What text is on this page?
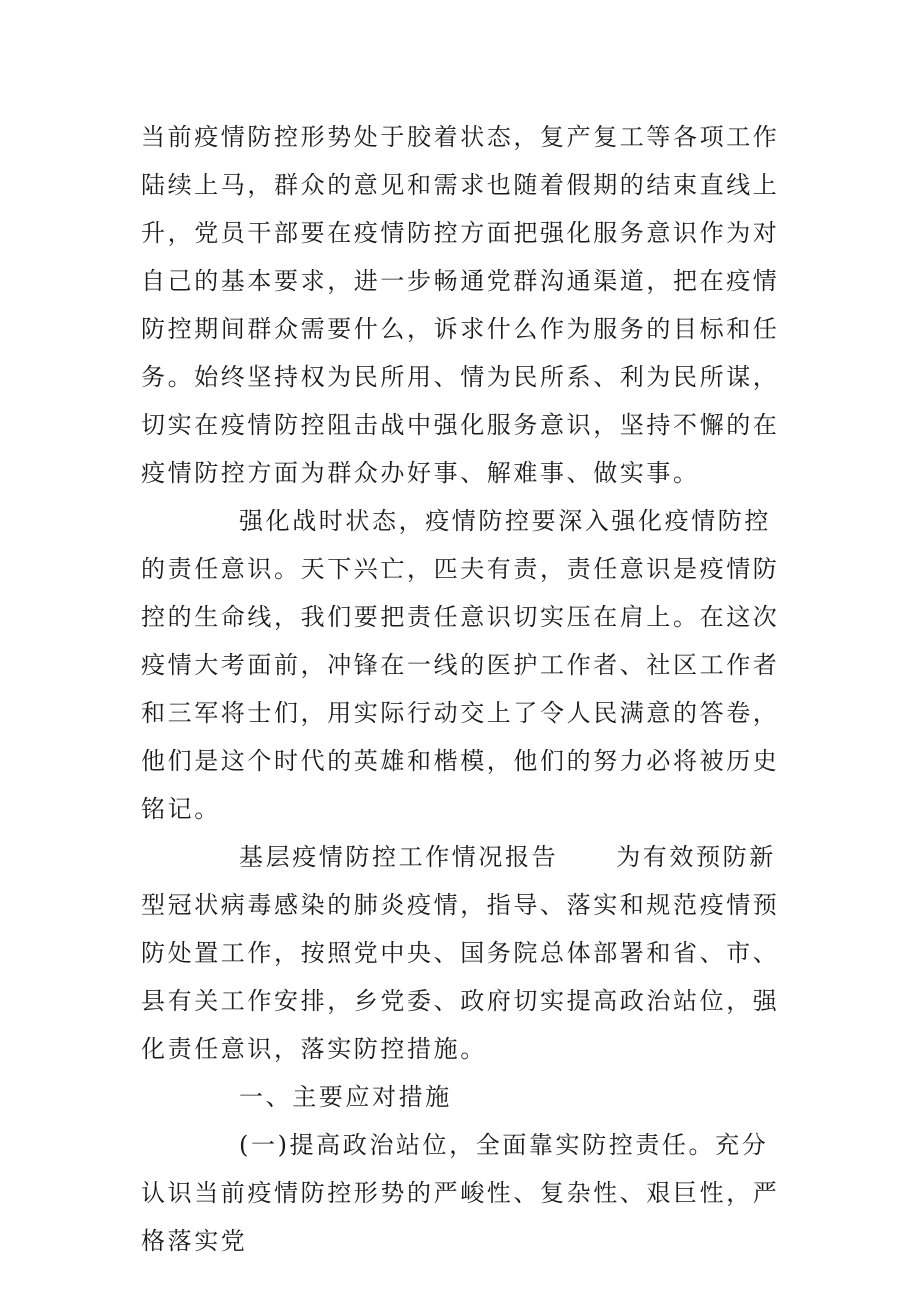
当前疫情防控形势处于胶着状态，复产复工等各项工作陆续上马，群众的意见和需求也随着假期的结束直线上升，党员干部要在疫情防控方面把强化服务意识作为对自己的基本要求，进一步畅通党群沟通渠道，把在疫情防控期间群众需要什么，诉求什么作为服务的目标和任务。始终坚持权为民所用、情为民所系、利为民所谋，切实在疫情防控阻击战中强化服务意识，坚持不懈的在疫情防控方面为群众办好事、解难事、做实事。

强化战时状态，疫情防控要深入强化疫情防控的责任意识。天下兴亡，匹夫有责，责任意识是疫情防控的生命线，我们要把责任意识切实压在肩上。在这次疫情大考面前，冲锋在一线的医护工作者、社区工作者和三军将士们，用实际行动交上了令人民满意的答卷，他们是这个时代的英雄和楷模，他们的努力必将被历史铭记。

基层疫情防控工作情况报告 为有效预防新型冠状病毒感染的肺炎疫情，指导、落实和规范疫情预防处置工作，按照党中央、国务院总体部署和省、市、县有关工作安排，乡党委、政府切实提高政治站位，强化责任意识，落实防控措施。

一、主要应对措施

(一)提高政治站位，全面靠实防控责任。充分认识当前疫情防控形势的严峻性、复杂性、艰巨性，严格落实党
